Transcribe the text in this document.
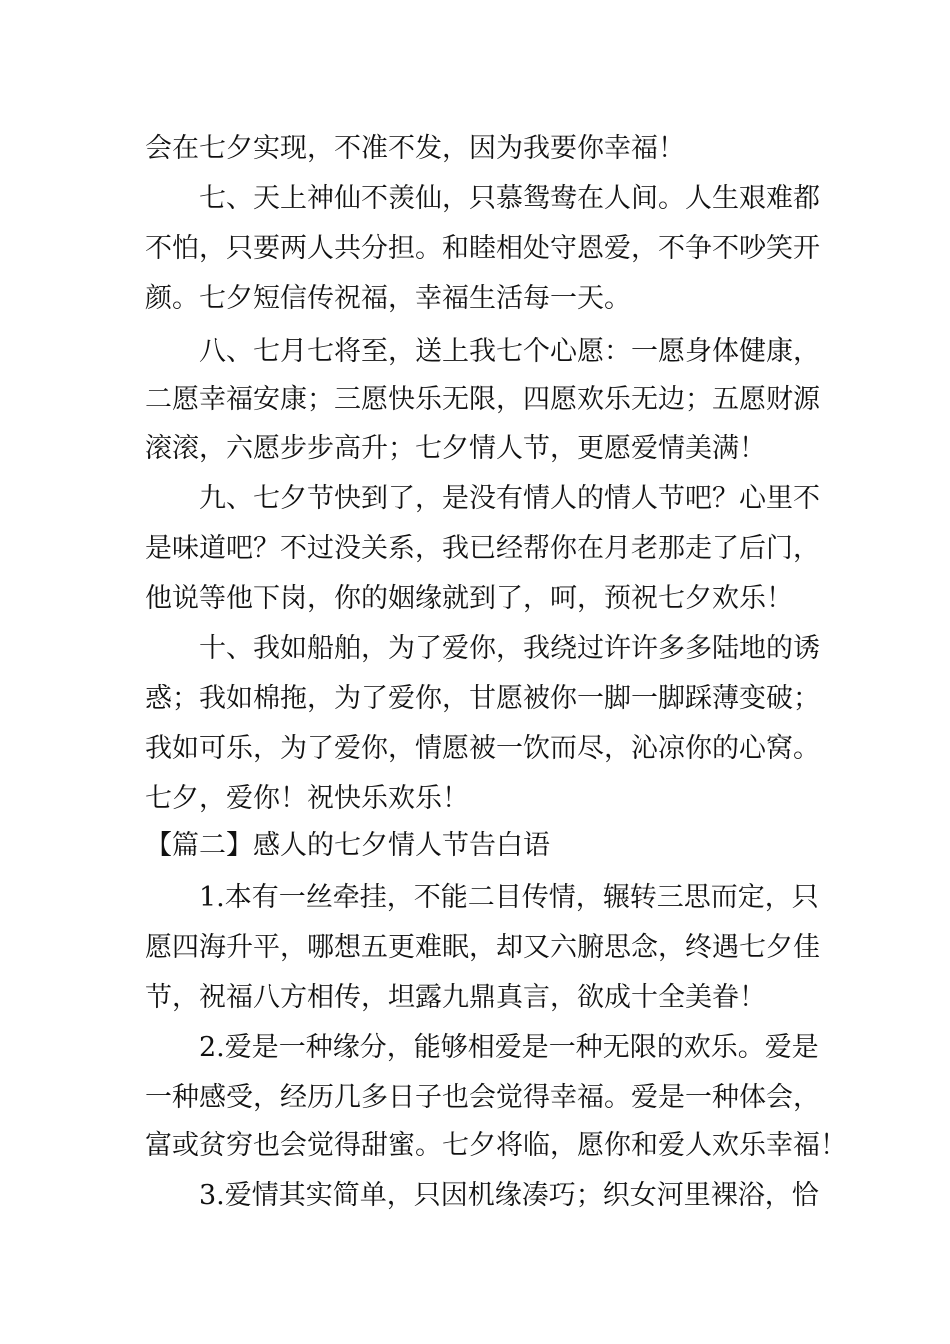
会在七夕实现，不准不发，因为我要你幸福！
七、天上神仙不羡仙，只慕鸳鸯在人间。人生艰难都
不怕，只要两人共分担。和睦相处守恩爱，不争不吵笑开
颜。七夕短信传祝福，幸福生活每一天。
八、七月七将至，送上我七个心愿：一愿身体健康，
二愿幸福安康；三愿快乐无限，四愿欢乐无边；五愿财源
滚滚，六愿步步高升；七夕情人节，更愿爱情美满！
九、七夕节快到了，是没有情人的情人节吧？心里不
是味道吧？不过没关系，我已经帮你在月老那走了后门，
他说等他下岗，你的姻缘就到了，呵，预祝七夕欢乐！
十、我如船舶，为了爱你，我绕过许许多多陆地的诱
惑；我如棉拖，为了爱你，甘愿被你一脚一脚踩薄变破；
我如可乐，为了爱你，情愿被一饮而尽，沁凉你的心窝。
七夕，爱你！祝快乐欢乐！
【篇二】感人的七夕情人节告白语
1.本有一丝牵挂，不能二目传情，辗转三思而定，只
愿四海升平，哪想五更难眠，却又六腑思念，终遇七夕佳
节，祝福八方相传，坦露九鼎真言，欲成十全美眷！
2.爱是一种缘分，能够相爱是一种无限的欢乐。爱是
一种感受，经历几多日子也会觉得幸福。爱是一种体会，
富或贫穷也会觉得甜蜜。七夕将临，愿你和爱人欢乐幸福！
3.爱情其实简单，只因机缘凑巧；织女河里裸浴，恰
